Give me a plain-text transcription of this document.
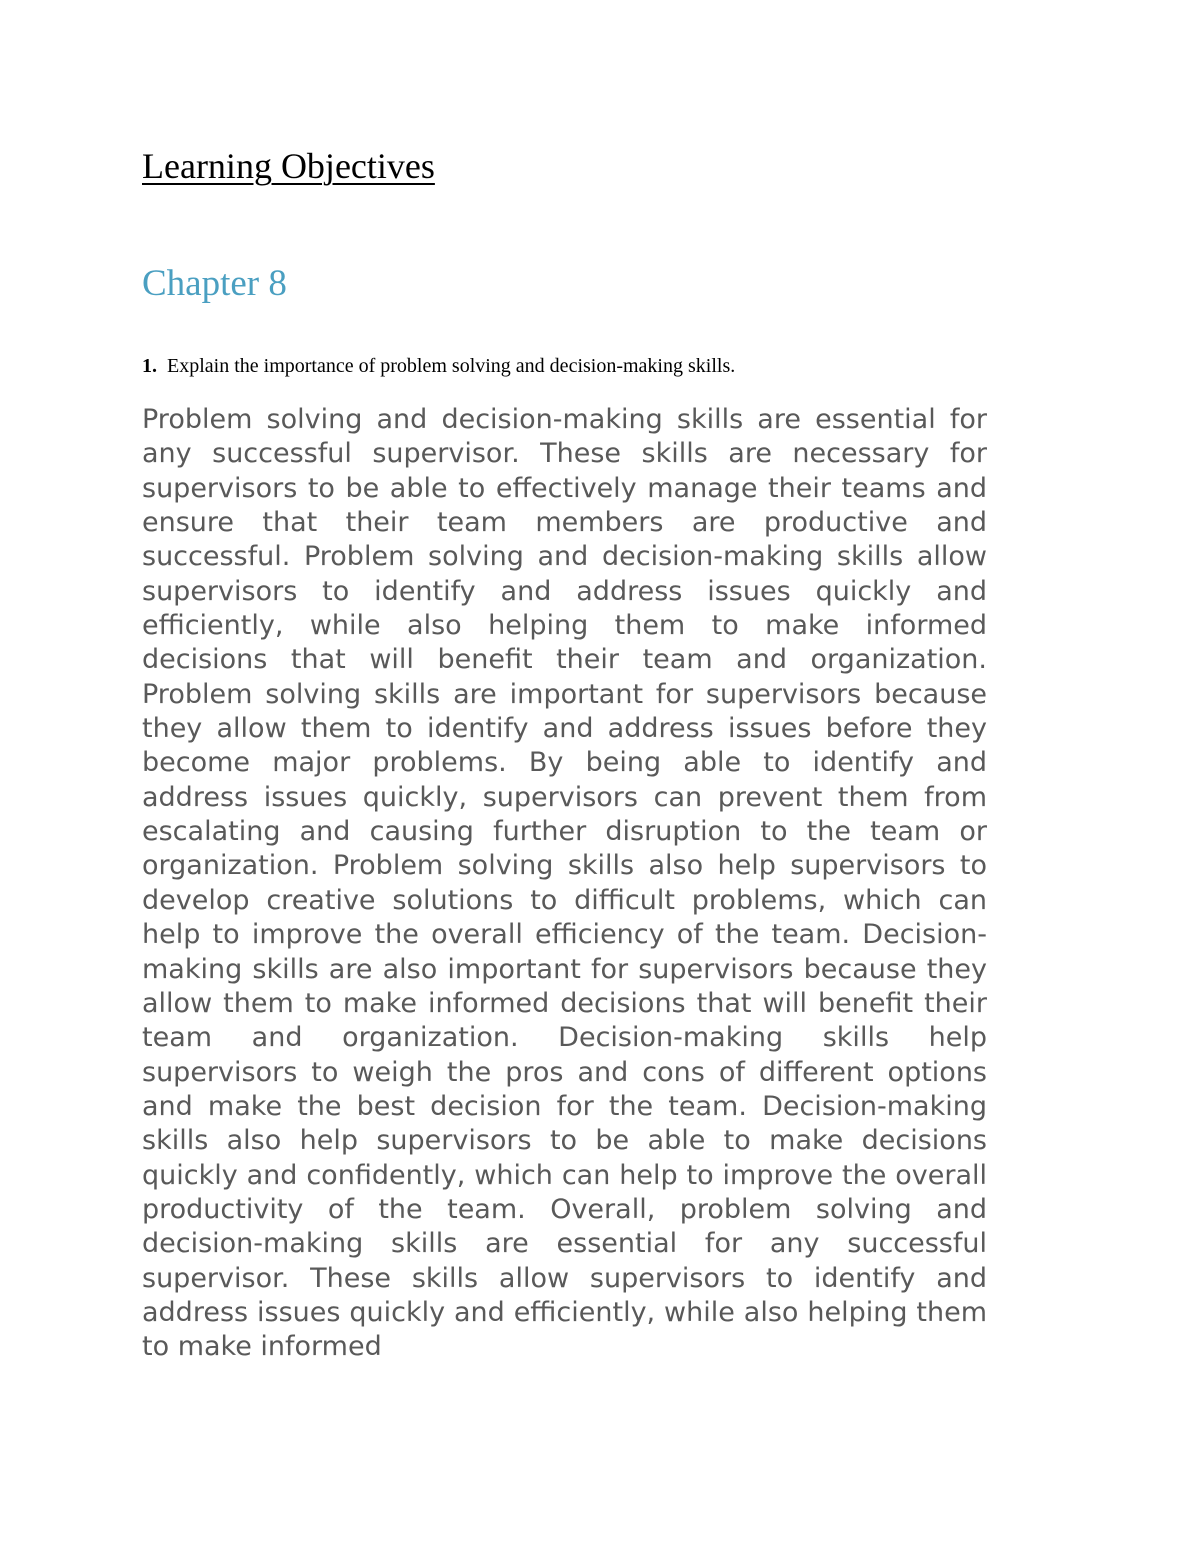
Learning Objectives
Chapter 8

1. Explain the importance of problem solving and decision-making skills.

Problem solving and decision-making skills are essential for any successful supervisor. These skills are necessary for supervisors to be able to effectively manage their teams and ensure that their team members are productive and successful. Problem solving and decision-making skills allow supervisors to identify and address issues quickly and efficiently, while also helping them to make informed decisions that will benefit their team and organization. Problem solving skills are important for supervisors because they allow them to identify and address issues before they become major problems. By being able to identify and address issues quickly, supervisors can prevent them from escalating and causing further disruption to the team or organization. Problem solving skills also help supervisors to develop creative solutions to difficult problems, which can help to improve the overall efficiency of the team. Decision-making skills are also important for supervisors because they allow them to make informed decisions that will benefit their team and organization. Decision-making skills help supervisors to weigh the pros and cons of different options and make the best decision for the team. Decision-making skills also help supervisors to be able to make decisions quickly and confidently, which can help to improve the overall productivity of the team. Overall, problem solving and decision-making skills are essential for any successful supervisor. These skills allow supervisors to identify and address issues quickly and efficiently, while also helping them to make informed
